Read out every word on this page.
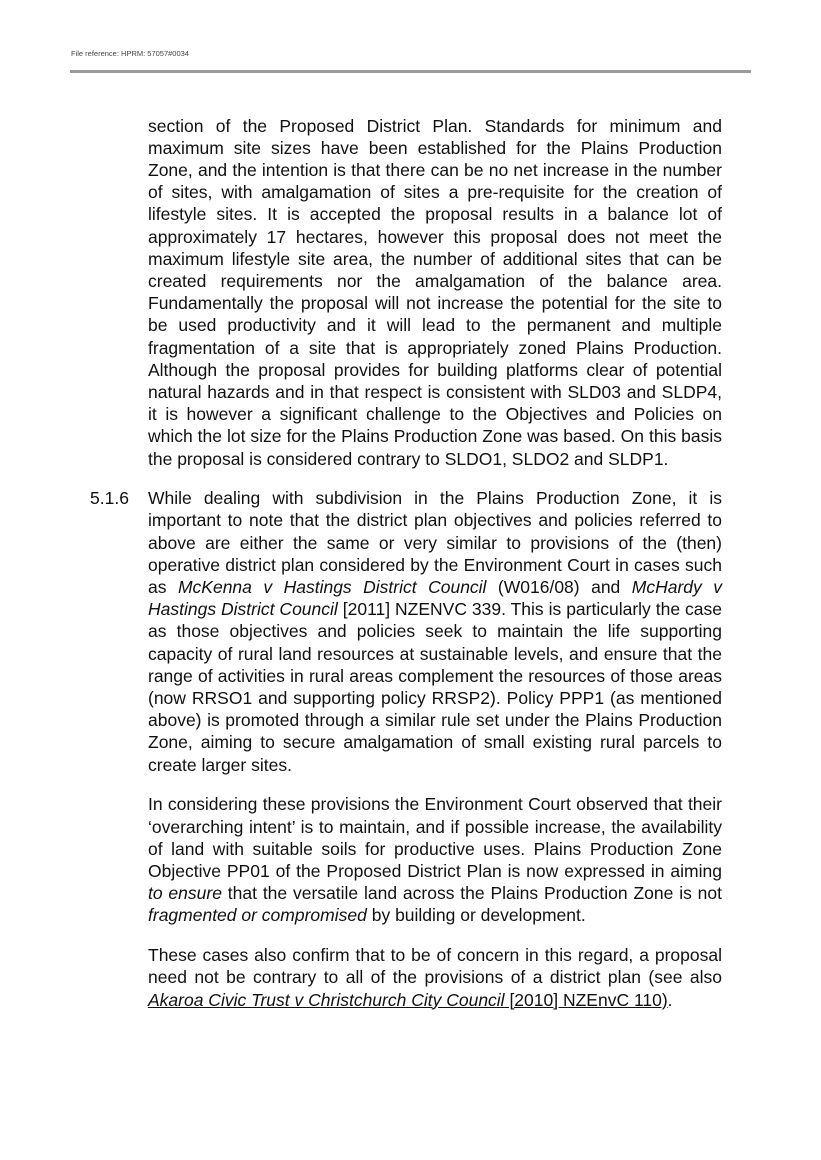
File reference: HPRM: 57057#0034

section of the Proposed District Plan. Standards for minimum and maximum site sizes have been established for the Plains Production Zone, and the intention is that there can be no net increase in the number of sites, with amalgamation of sites a pre-requisite for the creation of lifestyle sites. It is accepted the proposal results in a balance lot of approximately 17 hectares, however this proposal does not meet the maximum lifestyle site area, the number of additional sites that can be created requirements nor the amalgamation of the balance area. Fundamentally the proposal will not increase the potential for the site to be used productivity and it will lead to the permanent and multiple fragmentation of a site that is appropriately zoned Plains Production. Although the proposal provides for building platforms clear of potential natural hazards and in that respect is consistent with SLD03 and SLDP4, it is however a significant challenge to the Objectives and Policies on which the lot size for the Plains Production Zone was based. On this basis the proposal is considered contrary to SLDO1, SLDO2 and SLDP1.

5.1.6 While dealing with subdivision in the Plains Production Zone, it is important to note that the district plan objectives and policies referred to above are either the same or very similar to provisions of the (then) operative district plan considered by the Environment Court in cases such as McKenna v Hastings District Council (W016/08) and McHardy v Hastings District Council [2011] NZENVC 339. This is particularly the case as those objectives and policies seek to maintain the life supporting capacity of rural land resources at sustainable levels, and ensure that the range of activities in rural areas complement the resources of those areas (now RRSO1 and supporting policy RRSP2). Policy PPP1 (as mentioned above) is promoted through a similar rule set under the Plains Production Zone, aiming to secure amalgamation of small existing rural parcels to create larger sites.

In considering these provisions the Environment Court observed that their ‘overarching intent’ is to maintain, and if possible increase, the availability of land with suitable soils for productive uses. Plains Production Zone Objective PP01 of the Proposed District Plan is now expressed in aiming to ensure that the versatile land across the Plains Production Zone is not fragmented or compromised by building or development.

These cases also confirm that to be of concern in this regard, a proposal need not be contrary to all of the provisions of a district plan (see also Akaroa Civic Trust v Christchurch City Council [2010] NZEnvC 110).
